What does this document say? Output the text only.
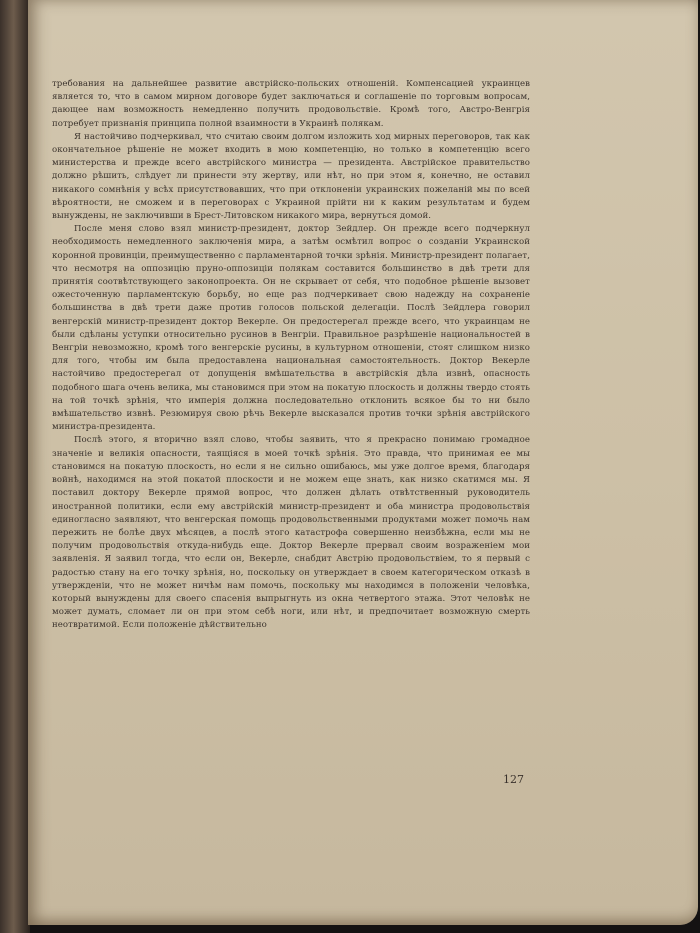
требования на дальнейшее развитие австрійско-польских отношеній. Компенсацией украинцев является то, что в самом мирном договоре будет заключаться и соглашеніе по торговым вопросам, дающее нам возможность немедленно получить продовольствіе. Кромѣ того, Австро-Венгрія потребует признанія принципа полной взаимности в Украинѣ полякам.

Я настойчиво подчеркивал, что считаю своим долгом изложить ход мирных переговоров, так как окончательное рѣшеніе не может входить в мою компетенцію, но только в компетенцію всего министерства и прежде всего австрійского министра — президента. Австрійское правительство должно рѣшить, слѣдует ли принести эту жертву, или нѣт, но при этом я, конечно, не оставил никакого сомнѣнія у всѣх присутствовавших, что при отклоненіи украинских пожеланій мы по всей вѣроятности, не сможем и в переговорах с Украиной прійти ни к каким результатам и будем вынуждены, не заключивши в Брест-Литовском никакого мира, вернуться домой.

После меня слово взял министр-президент, доктор Зейдлер. Он прежде всего подчеркнул необходимость немедленного заключенія мира, а затѣм осмѣтил вопрос о созданіи Украинской коронной провинціи, преимущественно с парламентарной точки зрѣнія. Министр-президент полагает, что несмотря на оппозицію пруно-оппозиціи полякам составится большинство в двѣ трети для принятія соотвѣтствующего законопроекта. Он не скрывает от себя, что подобное рѣшеніе вызовет ожесточенную парламентскую борьбу, но еще раз подчеркивает свою надежду на сохраненіе большинства в двѣ трети даже против голосов польской делегаціи. Послѣ Зейдлера говорил венгерскій министр-президент доктор Векерле. Он предостерегал прежде всего, что украинцам не были сдѣланы уступки относительно русинов в Венгріи. Правильное разрѣшеніе национальностей в Венгріи невозможно, кромѣ того венгерскіе русины, в культурном отношеніи, стоят слишком низко для того, чтобы им была предоставлена национальная самостоятельность. Доктор Векерле настойчиво предостерегал от допущенія вмѣшательства в австрійскія дѣла извнѣ, опасность подобного шага очень велика, мы становимся при этом на покатую плоскость и должны твердо стоять на той точкѣ зрѣнія, что имперія должна последовательно отклонить всякое бы то ни было вмѣшательство извнѣ. Резюмируя свою рѣчь Векерле высказался против точки зрѣнія австрійского министра-президента.

Послѣ этого, я вторично взял слово, чтобы заявить, что я прекрасно понимаю громадное значеніе и великія опасности, таящіяся в моей точкѣ зрѣнія. Это правда, что принимая ее мы становимся на покатую плоскость, но если я не сильно ошибаюсь, мы уже долгое время, благодаря войнѣ, находимся на этой покатой плоскости и не можем еще знать, как низко скатимся мы. Я поставил доктору Векерле прямой вопрос, что должен дѣлать отвѣтственный руководитель иностранной политики, если ему австрійскій министр-президент и оба министра продовольствія единогласно заявляют, что венгерская помощь продовольственными продуктами может помочь нам пережить не болѣе двух мѣсяцев, а послѣ этого катастрофа совершенно неизбѣжна, если мы не получим продовольствія откуда-нибудь еще. Доктор Векерле прервал своим возраженіем мои заявленія. Я заявил тогда, что если он, Векерле, снабдит Австрію продовольствіем, то я первый с радостью стану на его точку зрѣнія, но, поскольку он утверждает в своем категорическом отказѣ в утвержденіи, что не может ничѣм нам помочь, поскольку мы находимся в положеніи человѣка, который вынуждены для своего спасенія выпрыгнуть из окна четвертого этажа. Этот человѣк не может думать, сломает ли он при этом себѣ ноги, или нѣт, и предпочитает возможную смерть неотвратимой. Если положеніе дѣйствительно

127
